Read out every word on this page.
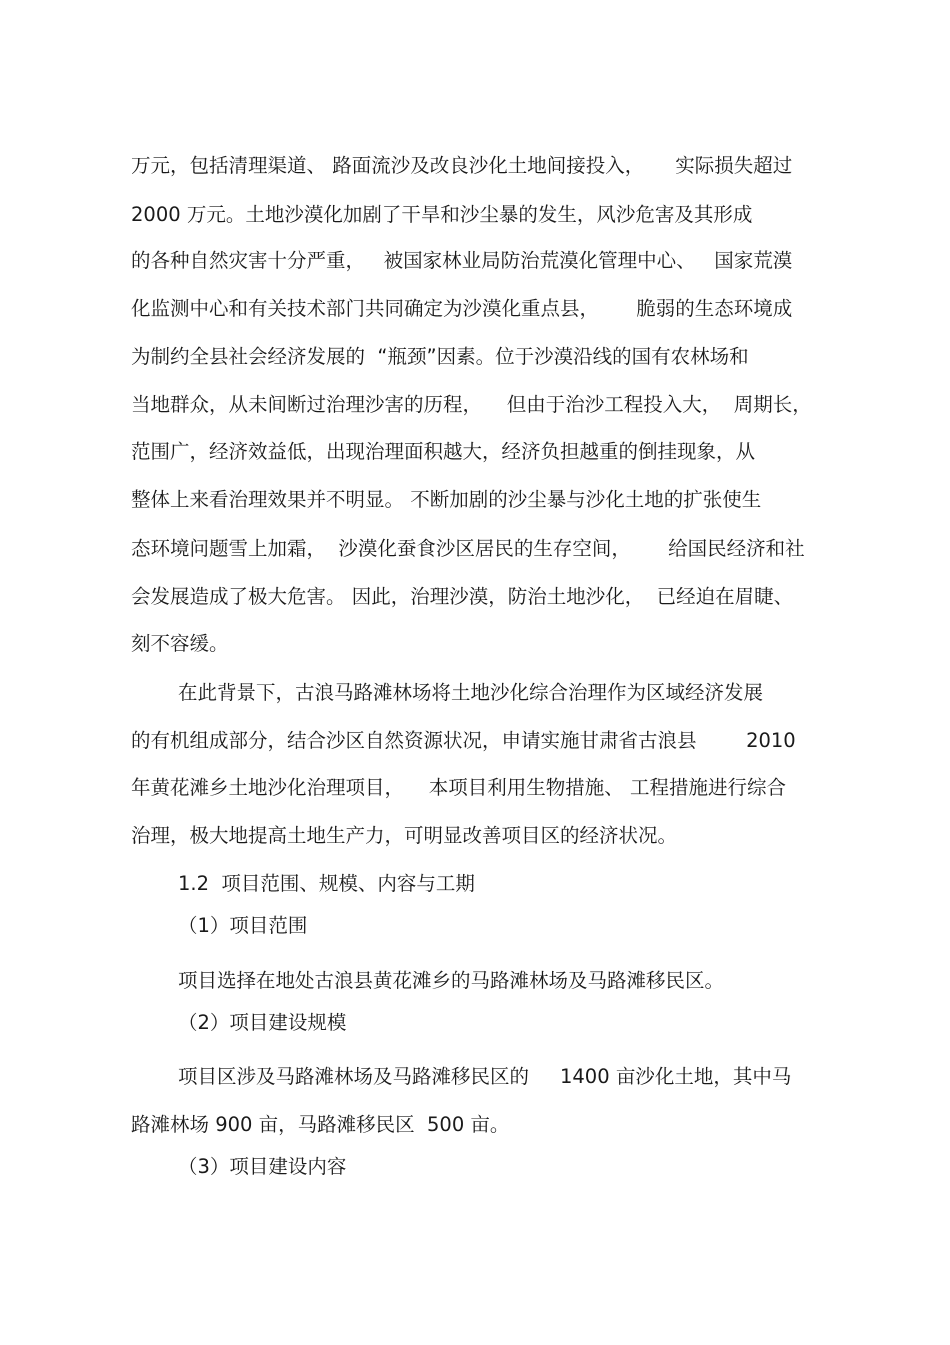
万元，包括清理渠道、 路面流沙及改良沙化土地间接投入，     实际损失超过
2000 万元。土地沙漠化加剧了干旱和沙尘暴的发生，风沙危害及其形成
的各种自然灾害十分严重，   被国家林业局防治荒漠化管理中心、   国家荒漠
化监测中心和有关技术部门共同确定为沙漠化重点县，      脆弱的生态环境成
为制约全县社会经济发展的  “瓶颈”因素。位于沙漠沿线的国有农林场和
当地群众，从未间断过治理沙害的历程，    但由于治沙工程投入大，  周期长，
范围广，经济效益低，出现治理面积越大，经济负担越重的倒挂现象，从
整体上来看治理效果并不明显。 不断加剧的沙尘暴与沙化土地的扩张使生
态环境问题雪上加霜，  沙漠化蚕食沙区居民的生存空间，      给国民经济和社
会发展造成了极大危害。 因此，治理沙漠，防治土地沙化，  已经迫在眉睫、
刻不容缓。
在此背景下，古浪马路滩林场将土地沙化综合治理作为区域经济发展
的有机组成部分，结合沙区自然资源状况，申请实施甘肃省古浪县        2010
年黄花滩乡土地沙化治理项目，    本项目利用生物措施、 工程措施进行综合
治理，极大地提高土地生产力，可明显改善项目区的经济状况。
1.2  项目范围、规模、内容与工期
（1）项目范围
项目选择在地处古浪县黄花滩乡的马路滩林场及马路滩移民区。
（2）项目建设规模
项目区涉及马路滩林场及马路滩移民区的     1400 亩沙化土地，其中马
路滩林场 900 亩，马路滩移民区  500 亩。
（3）项目建设内容
